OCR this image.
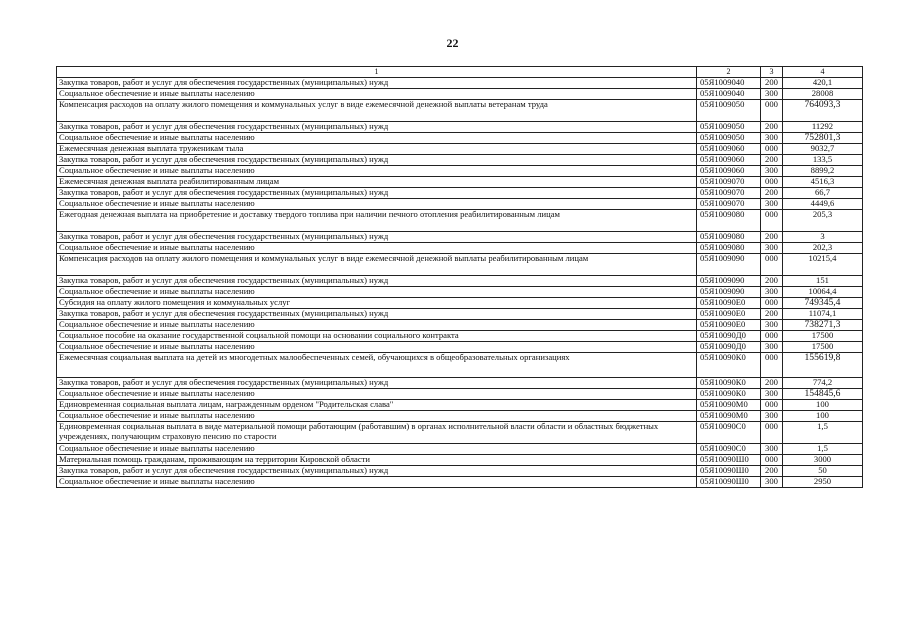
22
1	2	3	4
Закупка товаров, работ и услуг для обеспечения государственных (муниципальных) нужд	05Я1009040	200	420,1
Социальное обеспечение и иные выплаты населению	05Я1009040	300	28008
Компенсация расходов на оплату жилого помещения и коммунальных услуг в виде ежемесячной денежной выплаты ветеранам труда	05Я1009050	000	764093,3
Закупка товаров, работ и услуг для обеспечения государственных (муниципальных) нужд	05Я1009050	200	11292
Социальное обеспечение и иные выплаты населению	05Я1009050	300	752801,3
Ежемесячная денежная выплата труженикам тыла	05Я1009060	000	9032,7
Закупка товаров, работ и услуг для обеспечения государственных (муниципальных) нужд	05Я1009060	200	133,5
Социальное обеспечение и иные выплаты населению	05Я1009060	300	8899,2
Ежемесячная денежная выплата реабилитированным лицам	05Я1009070	000	4516,3
Закупка товаров, работ и услуг для обеспечения государственных (муниципальных) нужд	05Я1009070	200	66,7
Социальное обеспечение и иные выплаты населению	05Я1009070	300	4449,6
Ежегодная денежная выплата на приобретение и доставку твердого топлива при наличии печного отопления реабилитированным лицам	05Я1009080	000	205,3
Закупка товаров, работ и услуг для обеспечения государственных (муниципальных) нужд	05Я1009080	200	3
Социальное обеспечение и иные выплаты населению	05Я1009080	300	202,3
Компенсация расходов на оплату жилого помещения и коммунальных услуг в виде ежемесячной денежной выплаты реабилитированным лицам	05Я1009090	000	10215,4
Закупка товаров, работ и услуг для обеспечения государственных (муниципальных) нужд	05Я1009090	200	151
Социальное обеспечение и иные выплаты населению	05Я1009090	300	10064,4
Субсидия на оплату жилого помещения и коммунальных услуг	05Я10090Е0	000	749345,4
Закупка товаров, работ и услуг для обеспечения государственных (муниципальных) нужд	05Я10090Е0	200	11074,1
Социальное обеспечение и иные выплаты населению	05Я10090Е0	300	738271,3
Социальное пособие на оказание государственной социальной помощи на основании социального контракта	05Я10090Д0	000	17500
Социальное обеспечение и иные выплаты населению	05Я10090Д0	300	17500
Ежемесячная социальная выплата на детей из многодетных малообеспеченных семей, обучающихся в общеобразовательных организациях	05Я10090К0	000	155619,8
Закупка товаров, работ и услуг для обеспечения государственных (муниципальных) нужд	05Я10090К0	200	774,2
Социальное обеспечение и иные выплаты населению	05Я10090К0	300	154845,6
Единовременная социальная выплата лицам, награжденным орденом "Родительская слава"	05Я10090М0	000	100
Социальное обеспечение и иные выплаты населению	05Я10090М0	300	100
Единовременная социальная выплата в виде материальной помощи работающим (работавшим) в органах исполнительной власти области и областных бюджетных учреждениях, получающим страховую пенсию по старости	05Я10090С0	000	1,5
Социальное обеспечение и иные выплаты населению	05Я10090С0	300	1,5
Материальная помощь гражданам, проживающим на территории Кировской области	05Я10090Ш0	000	3000
Закупка товаров, работ и услуг для обеспечения государственных (муниципальных) нужд	05Я10090Ш0	200	50
Социальное обеспечение и иные выплаты населению	05Я10090Ш0	300	2950
